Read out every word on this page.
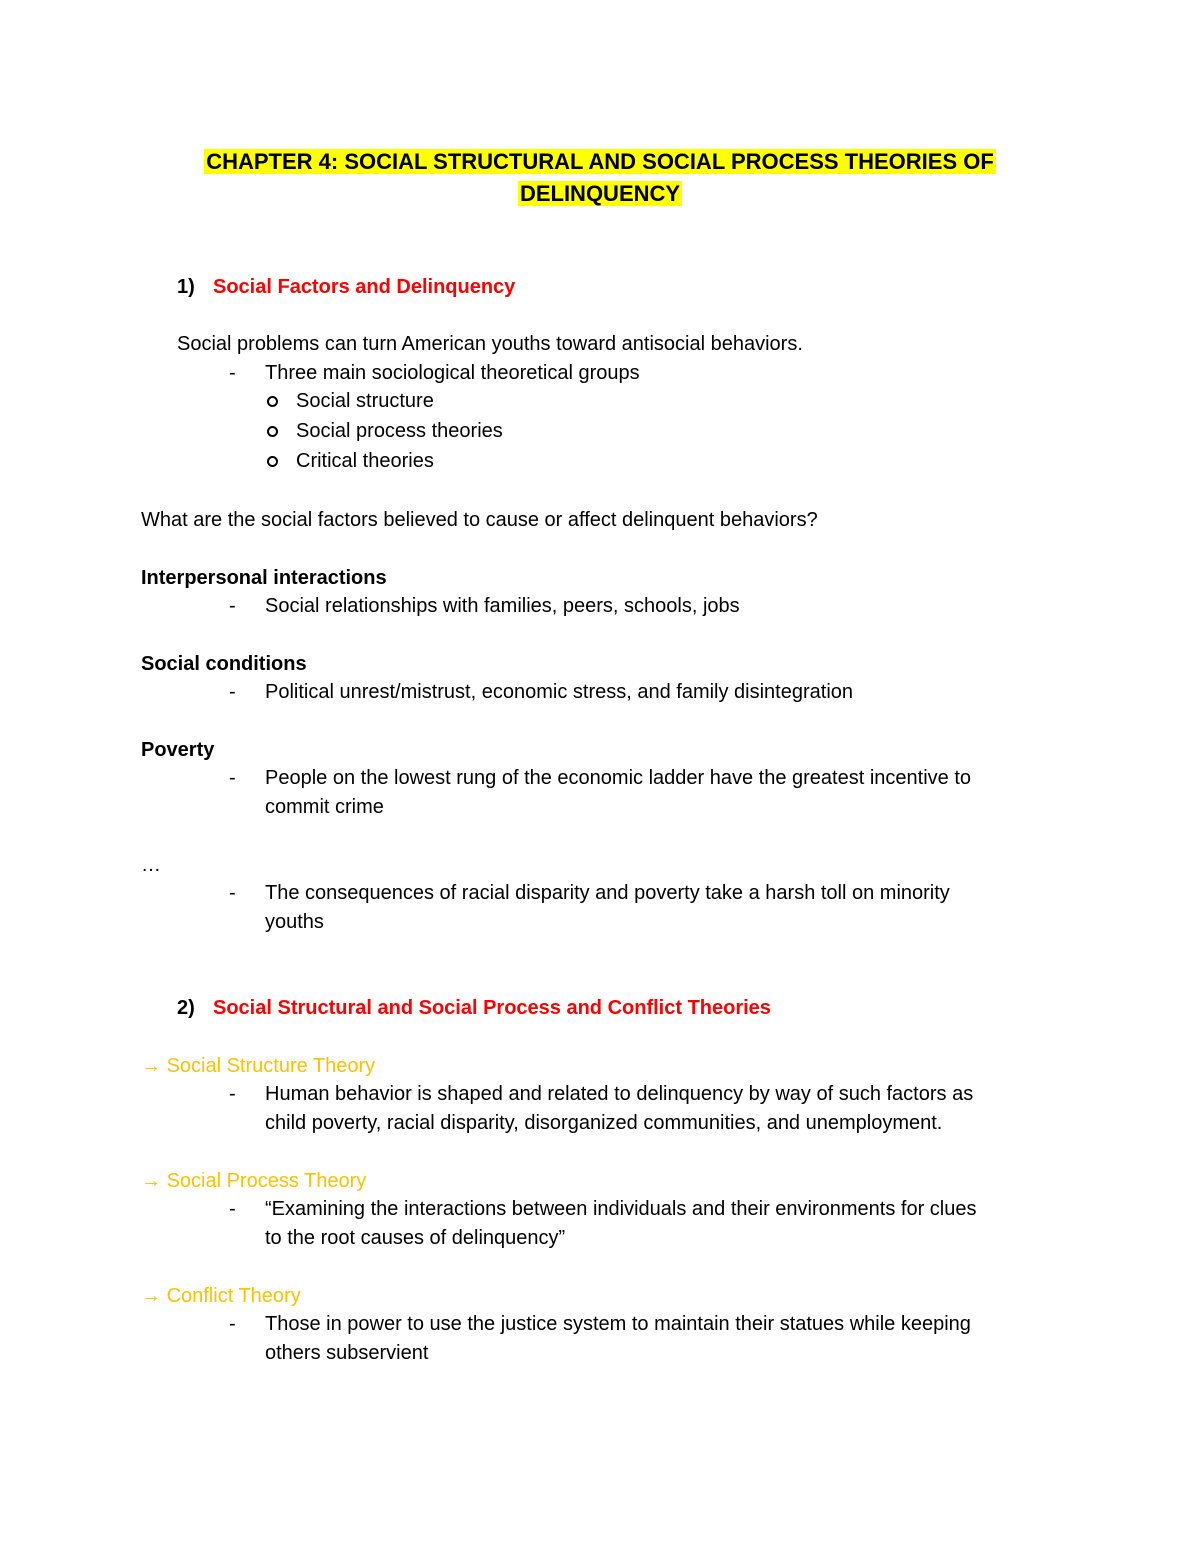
CHAPTER 4: SOCIAL STRUCTURAL AND SOCIAL PROCESS THEORIES OF
DELINQUENCY
1) Social Factors and Delinquency
Social problems can turn American youths toward antisocial behaviors.
- Three main sociological theoretical groups
Social structure
Social process theories
Critical theories
What are the social factors believed to cause or affect delinquent behaviors?
Interpersonal interactions
- Social relationships with families, peers, schools, jobs
Social conditions
- Political unrest/mistrust, economic stress, and family disintegration
Poverty
- People on the lowest rung of the economic ladder have the greatest incentive to
commit crime
…
- The consequences of racial disparity and poverty take a harsh toll on minority
youths
2) Social Structural and Social Process and Conflict Theories
→ Social Structure Theory
- Human behavior is shaped and related to delinquency by way of such factors as
child poverty, racial disparity, disorganized communities, and unemployment.
→ Social Process Theory
- “Examining the interactions between individuals and their environments for clues
to the root causes of delinquency”
→ Conflict Theory
- Those in power to use the justice system to maintain their statues while keeping
others subservient
